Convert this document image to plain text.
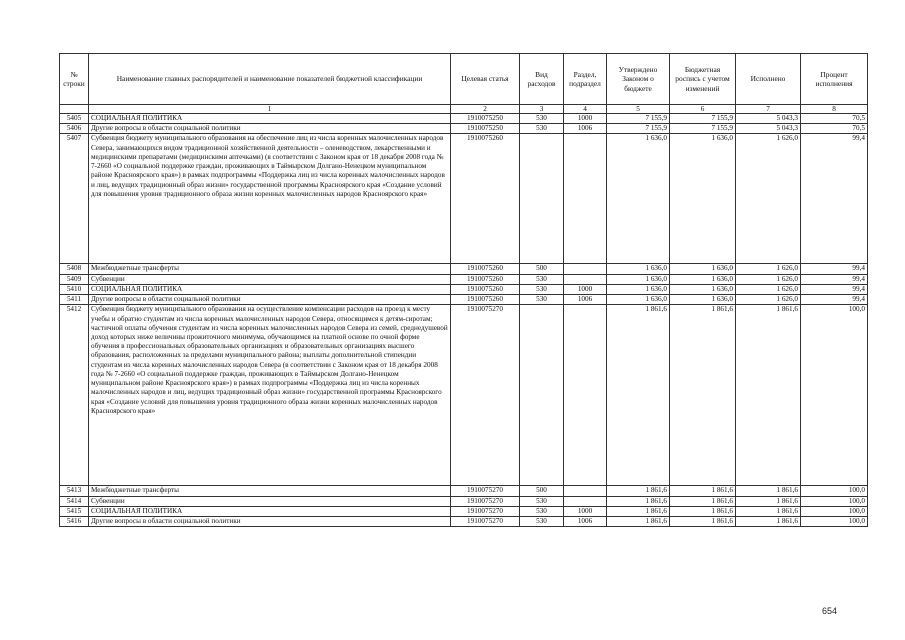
№ строки	Наименование главных распорядителей и наименование показателей бюджетной классификации	Целевая статья	Вид расходов	Раздел, подраздел	Утверждено Законом о бюджете	Бюджетная роспись с учетом изменений	Исполнено	Процент исполнения
	1	2	3	4	5	6	7	8
5405	СОЦИАЛЬНАЯ ПОЛИТИКА	1910075250	530	1000	7 155,9	7 155,9	5 043,3	70,5
5406	Другие вопросы в области социальной политики	1910075250	530	1006	7 155,9	7 155,9	5 043,3	70,5
5407	Субвенция бюджету муниципального образования на обеспечение лиц из числа коренных малочисленных народов Севера, занимающихся видом традиционной хозяйственной деятельности – оленеводством, лекарственными и медицинскими препаратами (медицинскими аптечками) (в соответствии с Законом края от 18 декабря 2008 года № 7-2660 «О социальной поддержке граждан, проживающих в Таймырском Долгано-Ненецком муниципальном районе Красноярского края») в рамках подпрограммы «Поддержка лиц из числа коренных малочисленных народов и лиц, ведущих традиционный образ жизни» государственной программы Красноярского края «Создание условий для повышения уровня традиционного образа жизни коренных малочисленных народов Красноярского края»	1910075260			1 636,0	1 636,0	1 626,0	99,4
5408	Межбюджетные трансферты	1910075260	500		1 636,0	1 636,0	1 626,0	99,4
5409	Субвенции	1910075260	530		1 636,0	1 636,0	1 626,0	99,4
5410	СОЦИАЛЬНАЯ ПОЛИТИКА	1910075260	530	1000	1 636,0	1 636,0	1 626,0	99,4
5411	Другие вопросы в области социальной политики	1910075260	530	1006	1 636,0	1 636,0	1 626,0	99,4
5412	Субвенция бюджету муниципального образования на осуществление компенсации расходов на проезд к месту учебы и обратно студентам из числа коренных малочисленных народов Севера, относящимся к детям-сиротам; частичной оплаты обучения студентам из числа коренных малочисленных народов Севера из семей, среднедушевой доход которых ниже величины прожиточного минимума, обучающимся на платной основе по очной форме обучения в профессиональных образовательных организациях и образовательных организациях высшего образования, расположенных за пределами муниципального района; выплаты дополнительной стипендии студентам из числа коренных малочисленных народов Севера (в соответствии с Законом края от 18 декабря 2008 года № 7-2660 «О социальной поддержке граждан, проживающих в Таймырском Долгано-Ненецком муниципальном районе Красноярского края») в рамках подпрограммы «Поддержка лиц из числа коренных малочисленных народов и лиц, ведущих традиционный образ жизни» государственной программы Красноярского края «Создание условий для повышения уровня традиционного образа жизни коренных малочисленных народов Красноярского края»	1910075270			1 861,6	1 861,6	1 861,6	100,0
5413	Межбюджетные трансферты	1910075270	500		1 861,6	1 861,6	1 861,6	100,0
5414	Субвенции	1910075270	530		1 861,6	1 861,6	1 861,6	100,0
5415	СОЦИАЛЬНАЯ ПОЛИТИКА	1910075270	530	1000	1 861,6	1 861,6	1 861,6	100,0
5416	Другие вопросы в области социальной политики	1910075270	530	1006	1 861,6	1 861,6	1 861,6	100,0
654
